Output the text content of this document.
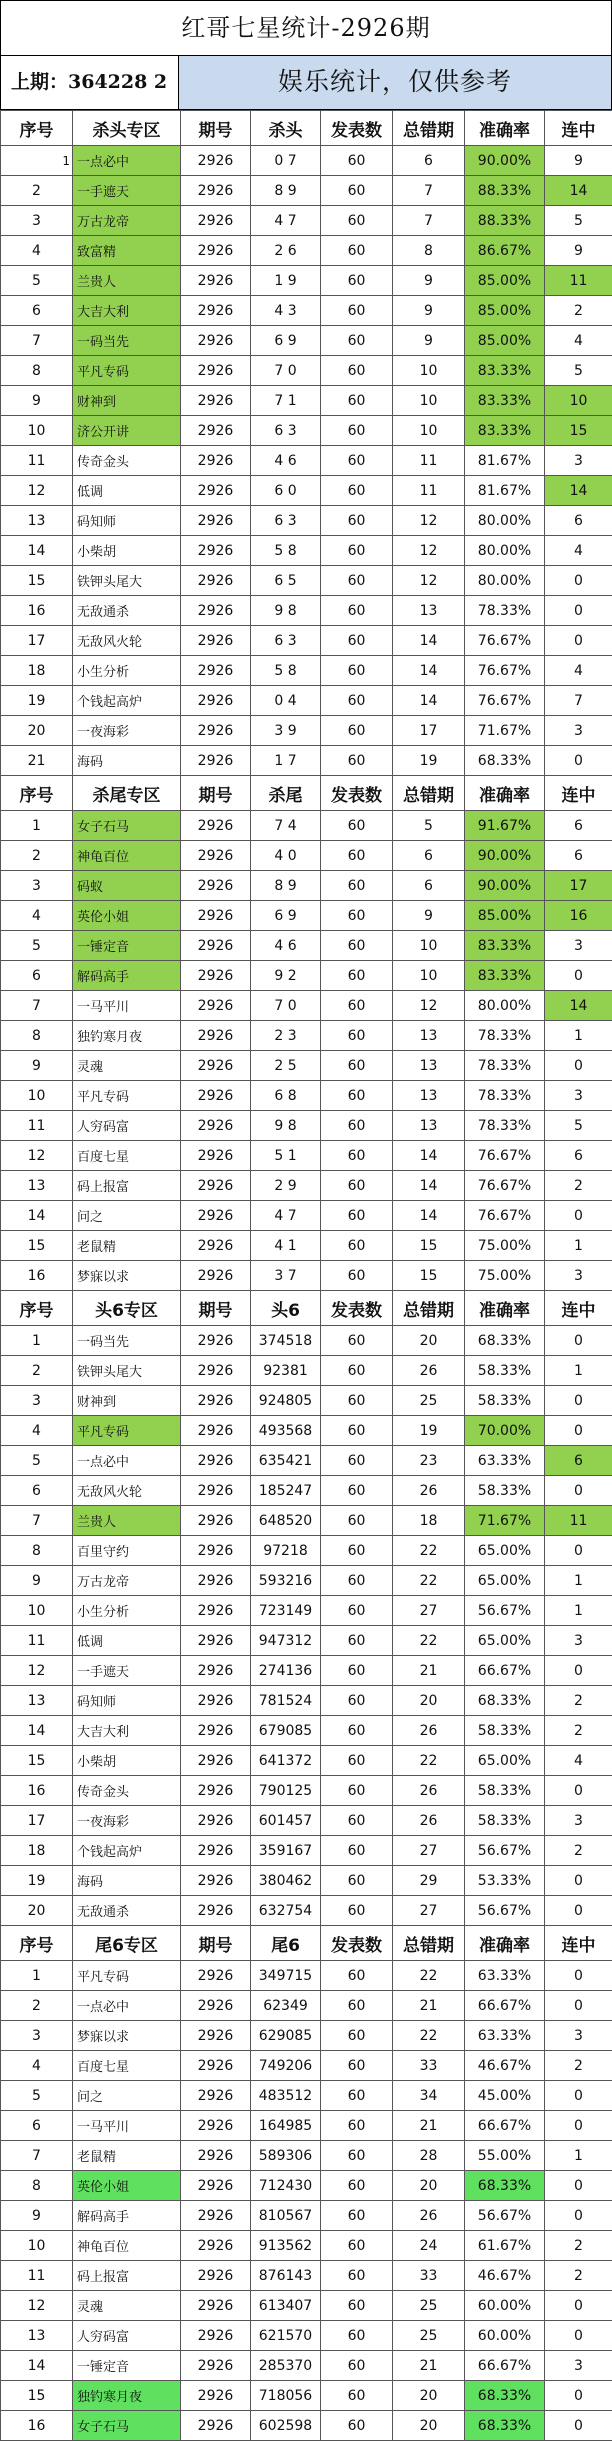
红哥七星统计-2926期
上期：364228 2	娱乐统计，仅供参考
序号	杀头专区	期号	杀头	发表数	总错期	准确率	连中
1	一点必中	2926	0 7	60	6	90.00%	9
2	一手遮天	2926	8 9	60	7	88.33%	14
3	万古龙帝	2926	4 7	60	7	88.33%	5
4	致富精	2926	2 6	60	8	86.67%	9
5	兰贵人	2926	1 9	60	9	85.00%	11
6	大吉大利	2926	4 3	60	9	85.00%	2
7	一码当先	2926	6 9	60	9	85.00%	4
8	平凡专码	2926	7 0	60	10	83.33%	5
9	财神到	2926	7 1	60	10	83.33%	10
10	济公开讲	2926	6 3	60	10	83.33%	15
11	传奇金头	2926	4 6	60	11	81.67%	3
12	低调	2926	6 0	60	11	81.67%	14
13	码知师	2926	6 3	60	12	80.00%	6
14	小柴胡	2926	5 8	60	12	80.00%	4
15	铁钾头尾大	2926	6 5	60	12	80.00%	0
16	无敌通杀	2926	9 8	60	13	78.33%	0
17	无敌风火轮	2926	6 3	60	14	76.67%	0
18	小生分析	2926	5 8	60	14	76.67%	4
19	个钱起高炉	2926	0 4	60	14	76.67%	7
20	一夜海彩	2926	3 9	60	17	71.67%	3
21	海码	2926	1 7	60	19	68.33%	0
序号	杀尾专区	期号	杀尾	发表数	总错期	准确率	连中
1	女子石马	2926	7 4	60	5	91.67%	6
2	神龟百位	2926	4 0	60	6	90.00%	6
3	码蚁	2926	8 9	60	6	90.00%	17
4	英伦小姐	2926	6 9	60	9	85.00%	16
5	一锤定音	2926	4 6	60	10	83.33%	3
6	解码高手	2926	9 2	60	10	83.33%	0
7	一马平川	2926	7 0	60	12	80.00%	14
8	独钓寒月夜	2926	2 3	60	13	78.33%	1
9	灵魂	2926	2 5	60	13	78.33%	0
10	平凡专码	2926	6 8	60	13	78.33%	3
11	人穷码富	2926	9 8	60	13	78.33%	5
12	百度七星	2926	5 1	60	14	76.67%	6
13	码上报富	2926	2 9	60	14	76.67%	2
14	问之	2926	4 7	60	14	76.67%	0
15	老鼠精	2926	4 1	60	15	75.00%	1
16	梦寐以求	2926	3 7	60	15	75.00%	3
序号	头6专区	期号	头6	发表数	总错期	准确率	连中
1	一码当先	2926	374518	60	20	68.33%	0
2	铁钾头尾大	2926	92381	60	26	58.33%	1
3	财神到	2926	924805	60	25	58.33%	0
4	平凡专码	2926	493568	60	19	70.00%	0
5	一点必中	2926	635421	60	23	63.33%	6
6	无敌风火轮	2926	185247	60	26	58.33%	0
7	兰贵人	2926	648520	60	18	71.67%	11
8	百里守约	2926	97218	60	22	65.00%	0
9	万古龙帝	2926	593216	60	22	65.00%	1
10	小生分析	2926	723149	60	27	56.67%	1
11	低调	2926	947312	60	22	65.00%	3
12	一手遮天	2926	274136	60	21	66.67%	0
13	码知师	2926	781524	60	20	68.33%	2
14	大吉大利	2926	679085	60	26	58.33%	2
15	小柴胡	2926	641372	60	22	65.00%	4
16	传奇金头	2926	790125	60	26	58.33%	0
17	一夜海彩	2926	601457	60	26	58.33%	3
18	个钱起高炉	2926	359167	60	27	56.67%	2
19	海码	2926	380462	60	29	53.33%	0
20	无敌通杀	2926	632754	60	27	56.67%	0
序号	尾6专区	期号	尾6	发表数	总错期	准确率	连中
1	平凡专码	2926	349715	60	22	63.33%	0
2	一点必中	2926	62349	60	21	66.67%	0
3	梦寐以求	2926	629085	60	22	63.33%	3
4	百度七星	2926	749206	60	33	46.67%	2
5	问之	2926	483512	60	34	45.00%	0
6	一马平川	2926	164985	60	21	66.67%	0
7	老鼠精	2926	589306	60	28	55.00%	1
8	英伦小姐	2926	712430	60	20	68.33%	0
9	解码高手	2926	810567	60	26	56.67%	0
10	神龟百位	2926	913562	60	24	61.67%	2
11	码上报富	2926	876143	60	33	46.67%	2
12	灵魂	2926	613407	60	25	60.00%	0
13	人穷码富	2926	621570	60	25	60.00%	0
14	一锤定音	2926	285370	60	21	66.67%	3
15	独钓寒月夜	2926	718056	60	20	68.33%	0
16	女子石马	2926	602598	60	20	68.33%	0
